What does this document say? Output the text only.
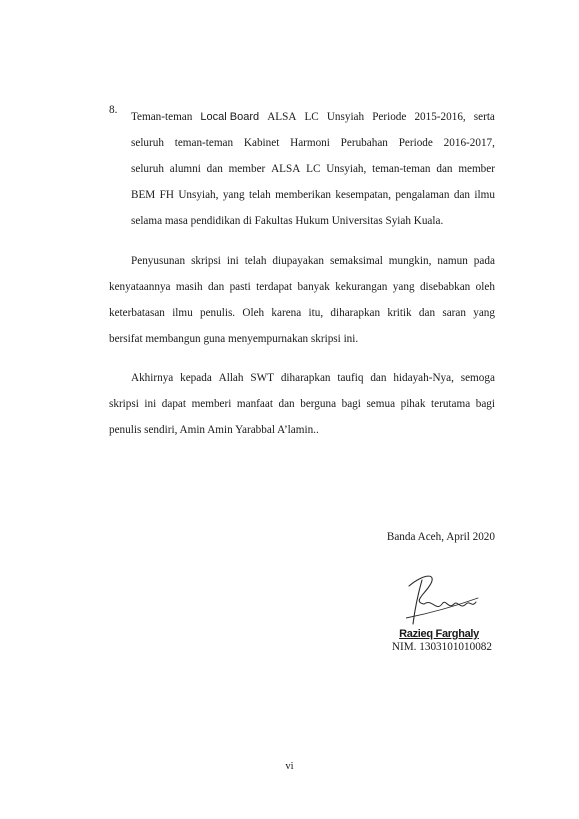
8.
Teman-teman Local Board ALSA LC Unsyiah Periode 2015-2016, serta
seluruh teman-teman Kabinet Harmoni Perubahan Periode 2016-2017,
seluruh alumni dan member ALSA LC Unsyiah, teman-teman dan member
BEM FH Unsyiah, yang telah memberikan kesempatan, pengalaman dan ilmu
selama masa pendidikan di Fakultas Hukum Universitas Syiah Kuala.
Penyusunan skripsi ini telah diupayakan semaksimal mungkin, namun pada
kenyataannya masih dan pasti terdapat banyak kekurangan yang disebabkan oleh
keterbatasan ilmu penulis. Oleh karena itu, diharapkan kritik dan saran yang
bersifat membangun guna menyempurnakan skripsi ini.
Akhirnya kepada Allah SWT diharapkan taufiq dan hidayah-Nya, semoga
skripsi ini dapat memberi manfaat dan berguna bagi semua pihak terutama bagi
penulis sendiri, Amin Amin Yarabbal A’lamin..
Banda Aceh, April 2020
Razieq Farghaly
NIM. 1303101010082
vi
